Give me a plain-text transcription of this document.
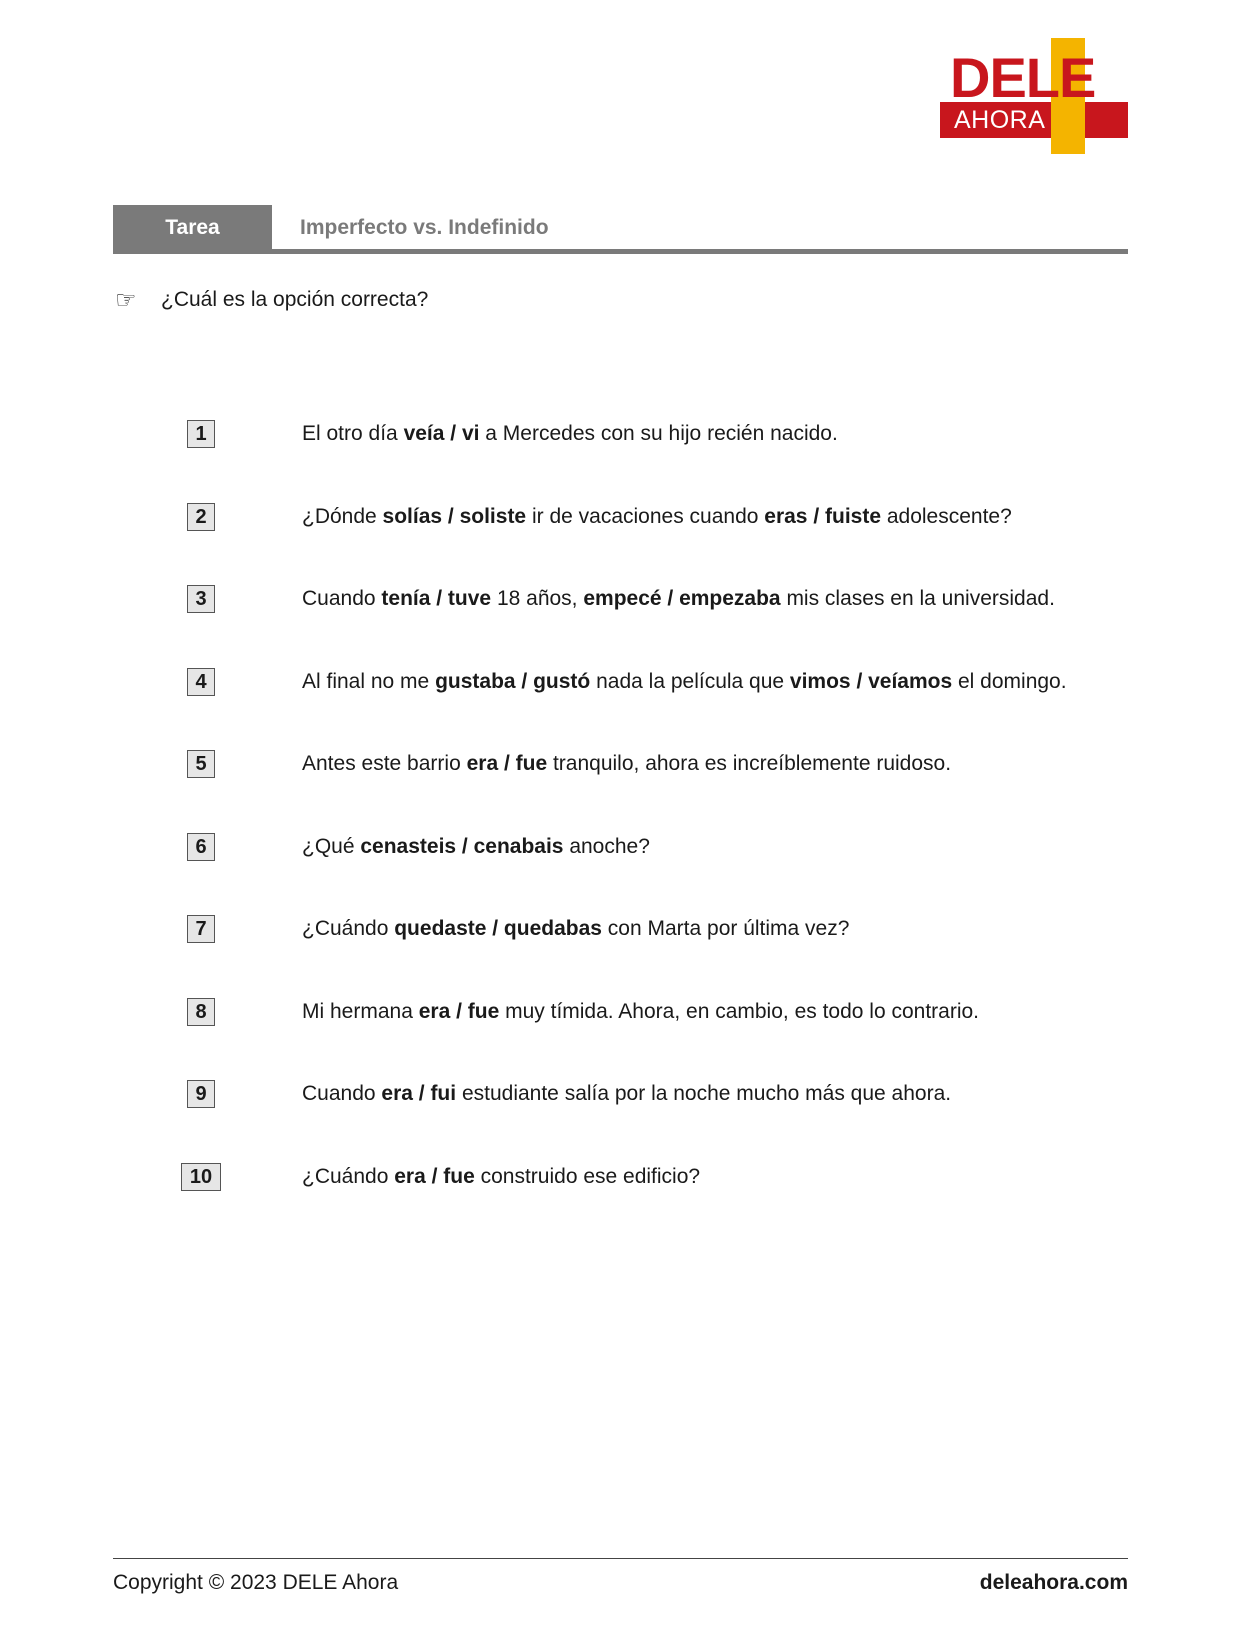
DELE
AHORA
Tarea	Imperfecto vs. Indefinido
☞	¿Cuál es la opción correcta?
1	El otro día veía / vi a Mercedes con su hijo recién nacido.
2	¿Dónde solías / soliste ir de vacaciones cuando eras / fuiste adolescente?
3	Cuando tenía / tuve 18 años, empecé / empezaba mis clases en la universidad.
4	Al final no me gustaba / gustó nada la película que vimos / veíamos el domingo.
5	Antes este barrio era / fue tranquilo, ahora es increíblemente ruidoso.
6	¿Qué cenasteis / cenabais anoche?
7	¿Cuándo quedaste / quedabas con Marta por última vez?
8	Mi hermana era / fue muy tímida. Ahora, en cambio, es todo lo contrario.
9	Cuando era / fui estudiante salía por la noche mucho más que ahora.
10	¿Cuándo era / fue construido ese edificio?
Copyright © 2023 DELE Ahora	deleahora.com
